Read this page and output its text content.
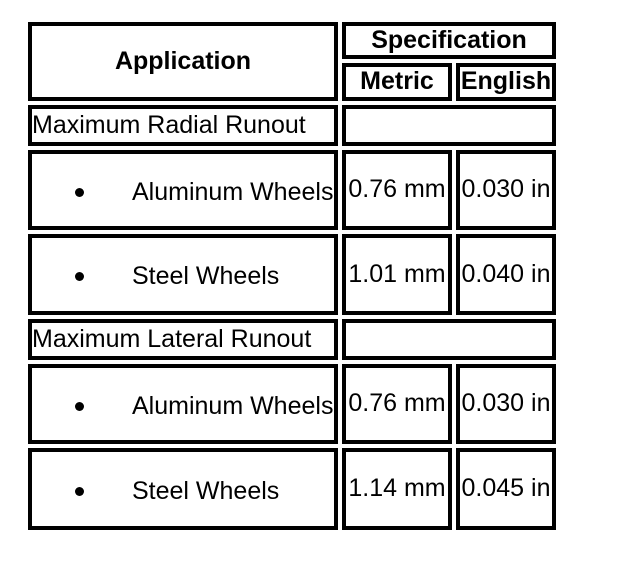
Application	Specification	
	Metric	English
Maximum Radial Runout		

Aluminum Wheels	0.76 mm	0.030 in

Steel Wheels	1.01 mm	0.040 in
Maximum Lateral Runout		

Aluminum Wheels	0.76 mm	0.030 in

Steel Wheels	1.14 mm	0.045 in
